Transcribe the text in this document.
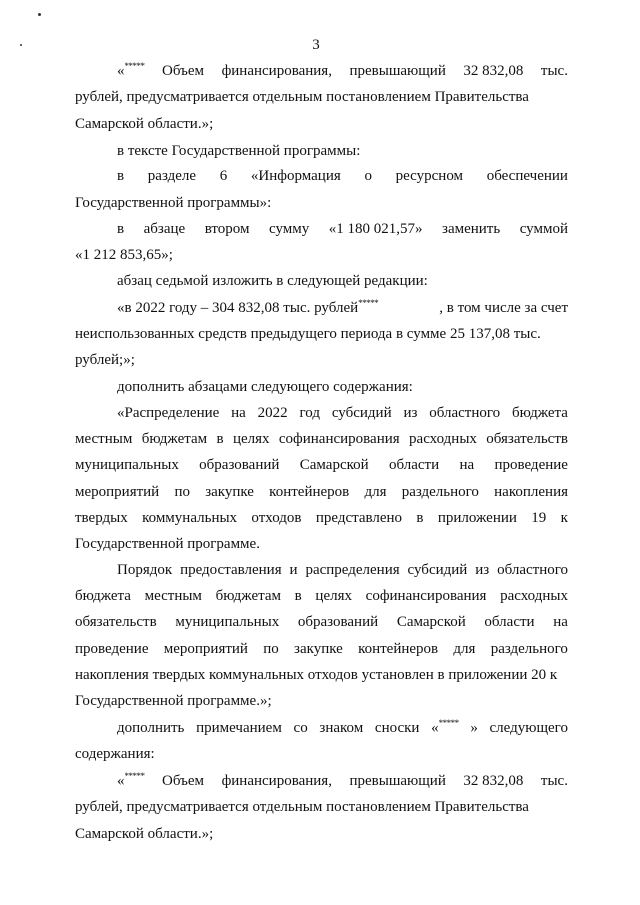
3
«***** Объем финансирования, превышающий 32 832,08 тыс.
рублей, предусматривается отдельным постановлением Правительства
Самарской области.»;
в тексте Государственной программы:
в разделе 6 «Информация о ресурсном обеспечении
Государственной программы»:
в абзаце втором сумму «1 180 021,57» заменить суммой
«1 212 853,65»;
абзац седьмой изложить в следующей редакции:
«в 2022 году – 304 832,08 тыс. рублей*****	, в том числе за счет
неиспользованных средств предыдущего периода в сумме 25 137,08 тыс.
рублей;»;
дополнить абзацами следующего содержания:
«Распределение на 2022 год субсидий из областного бюджета
местным бюджетам в целях софинансирования расходных обязательств
муниципальных образований Самарской области на проведение
мероприятий по закупке контейнеров для раздельного накопления
твердых коммунальных отходов представлено в приложении 19 к
Государственной программе.
Порядок предоставления и распределения субсидий из областного
бюджета местным бюджетам в целях софинансирования расходных
обязательств муниципальных образований Самарской области на
проведение мероприятий по закупке контейнеров для раздельного
накопления твердых коммунальных отходов установлен в приложении 20 к
Государственной программе.»;
дополнить примечанием со знаком сноски «***** » следующего
содержания:
«***** Объем финансирования, превышающий 32 832,08 тыс.
рублей, предусматривается отдельным постановлением Правительства
Самарской области.»;
